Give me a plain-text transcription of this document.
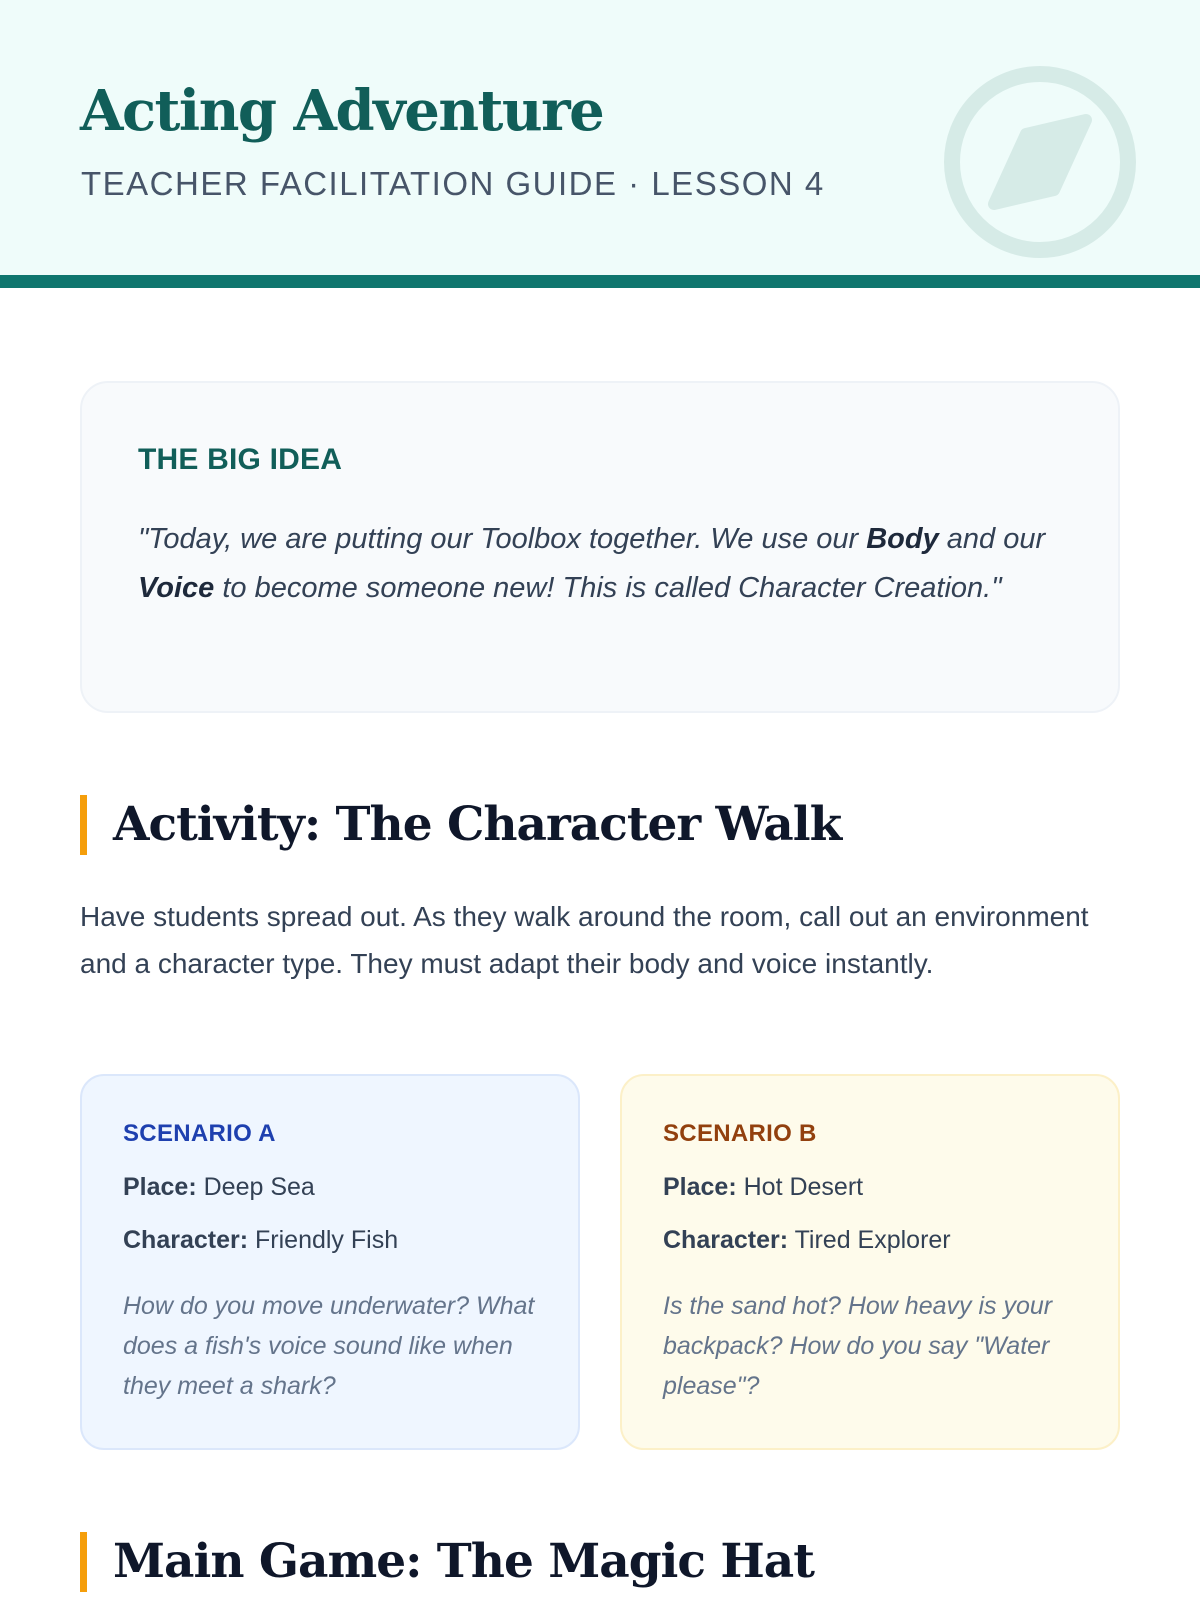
Acting Adventure
TEACHER FACILITATION GUIDE · LESSON 4
THE BIG IDEA
"Today, we are putting our Toolbox together. We use our Body and our Voice to become someone new! This is called Character Creation."
Activity: The Character Walk
Have students spread out. As they walk around the room, call out an environment and a character type. They must adapt their body and voice instantly.
SCENARIO A
Place: Deep Sea
Character: Friendly Fish
How do you move underwater? What does a fish's voice sound like when they meet a shark?
SCENARIO B
Place: Hot Desert
Character: Tired Explorer
Is the sand hot? How heavy is your backpack? How do you say "Water please"?
Main Game: The Magic Hat
